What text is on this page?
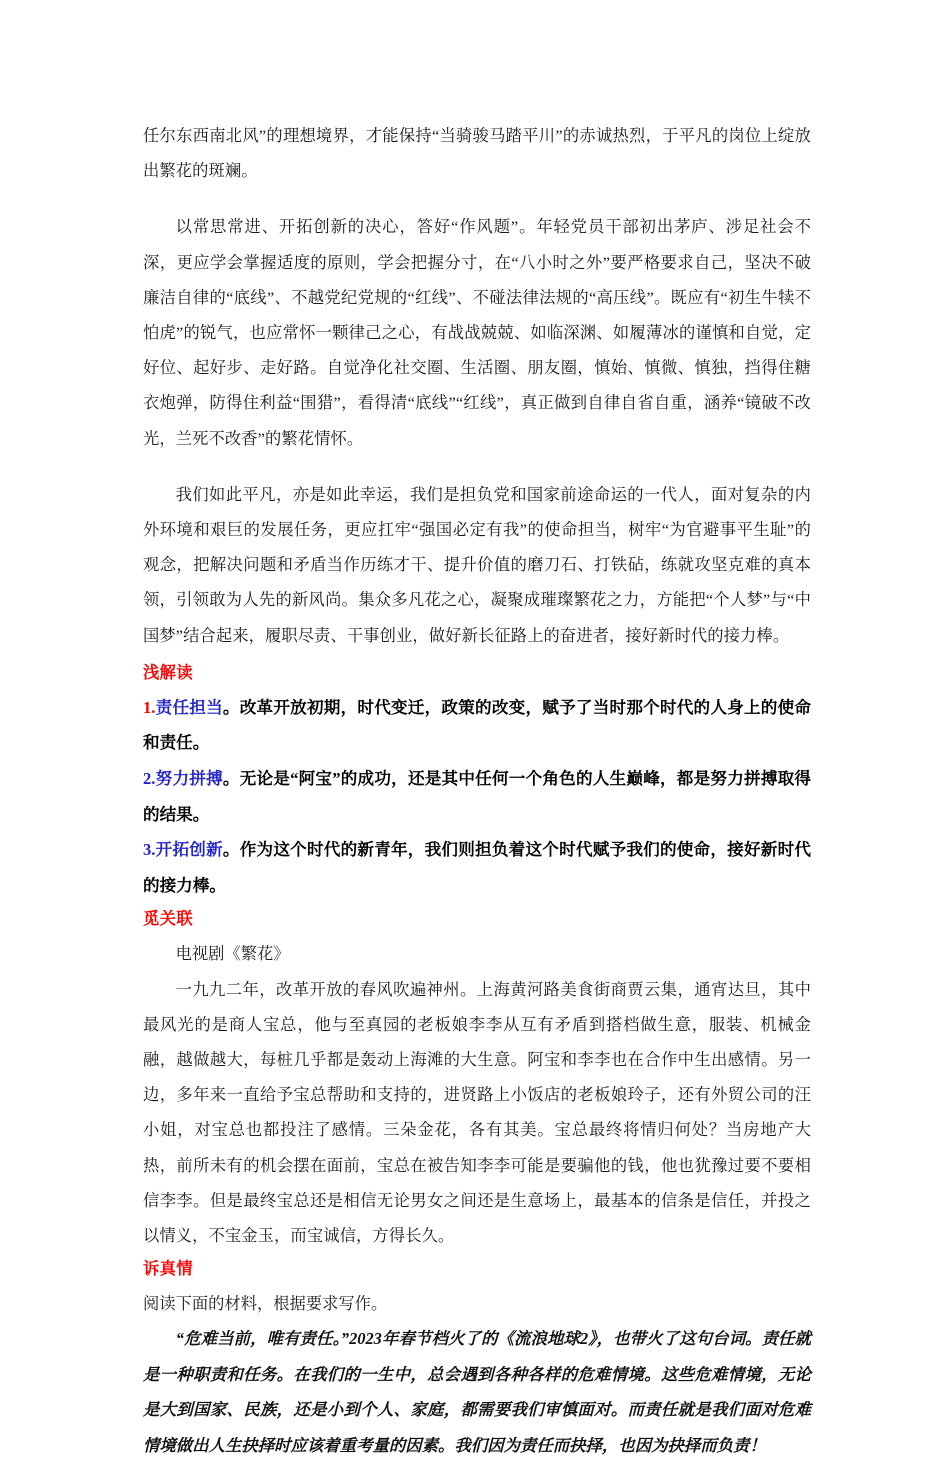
任尔东西南北风”的理想境界，才能保持“当骑骏马踏平川”的赤诚热烈，于平凡的岗位上绽放出繁花的斑斓。

以常思常进、开拓创新的决心，答好“作风题”。年轻党员干部初出茅庐、涉足社会不深，更应学会掌握适度的原则，学会把握分寸，在“八小时之外”要严格要求自己，坚决不破廉洁自律的“底线”、不越党纪党规的“红线”、不碰法律法规的“高压线”。既应有“初生牛犊不怕虎”的锐气，也应常怀一颗律己之心，有战战兢兢、如临深渊、如履薄冰的谨慎和自觉，定好位、起好步、走好路。自觉净化社交圈、生活圈、朋友圈，慎始、慎微、慎独，挡得住糖衣炮弹，防得住利益“围猎”，看得清“底线”“红线”，真正做到自律自省自重，涵养“镜破不改光，兰死不改香”的繁花情怀。

我们如此平凡，亦是如此幸运，我们是担负党和国家前途命运的一代人，面对复杂的内外环境和艰巨的发展任务，更应扛牢“强国必定有我”的使命担当，树牢“为官避事平生耻”的观念，把解决问题和矛盾当作历练才干、提升价值的磨刀石、打铁砧，练就攻坚克难的真本领，引领敢为人先的新风尚。集众多凡花之心，凝聚成璀璨繁花之力，方能把“个人梦”与“中国梦”结合起来，履职尽责、干事创业，做好新长征路上的奋进者，接好新时代的接力棒。

浅解读

1.责任担当。改革开放初期，时代变迁，政策的改变，赋予了当时那个时代的人身上的使命和责任。

2.努力拼搏。无论是“阿宝”的成功，还是其中任何一个角色的人生巅峰，都是努力拼搏取得的结果。

3.开拓创新。作为这个时代的新青年，我们则担负着这个时代赋予我们的使命，接好新时代的接力棒。

觅关联

电视剧《繁花》

一九九二年，改革开放的春风吹遍神州。上海黄河路美食街商贾云集，通宵达旦，其中最风光的是商人宝总，他与至真园的老板娘李李从互有矛盾到搭档做生意，服装、机械金融，越做越大，每桩几乎都是轰动上海滩的大生意。阿宝和李李也在合作中生出感情。另一边，多年来一直给予宝总帮助和支持的，进贤路上小饭店的老板娘玲子，还有外贸公司的汪小姐，对宝总也都投注了感情。三朵金花，各有其美。宝总最终将情归何处？当房地产大热，前所未有的机会摆在面前，宝总在被告知李李可能是要骗他的钱，他也犹豫过要不要相信李李。但是最终宝总还是相信无论男女之间还是生意场上，最基本的信条是信任，并投之以情义，不宝金玉，而宝诚信，方得长久。

诉真情

阅读下面的材料，根据要求写作。

“危难当前，唯有责任。”2023年春节档火了的《流浪地球2》，也带火了这句台词。责任就是一种职责和任务。在我们的一生中，总会遇到各种各样的危难情境。这些危难情境，无论是大到国家、民族，还是小到个人、家庭，都需要我们审慎面对。而责任就是我们面对危难情境做出人生抉择时应该着重考量的因素。我们因为责任而抉择，也因为抉择而负责！
